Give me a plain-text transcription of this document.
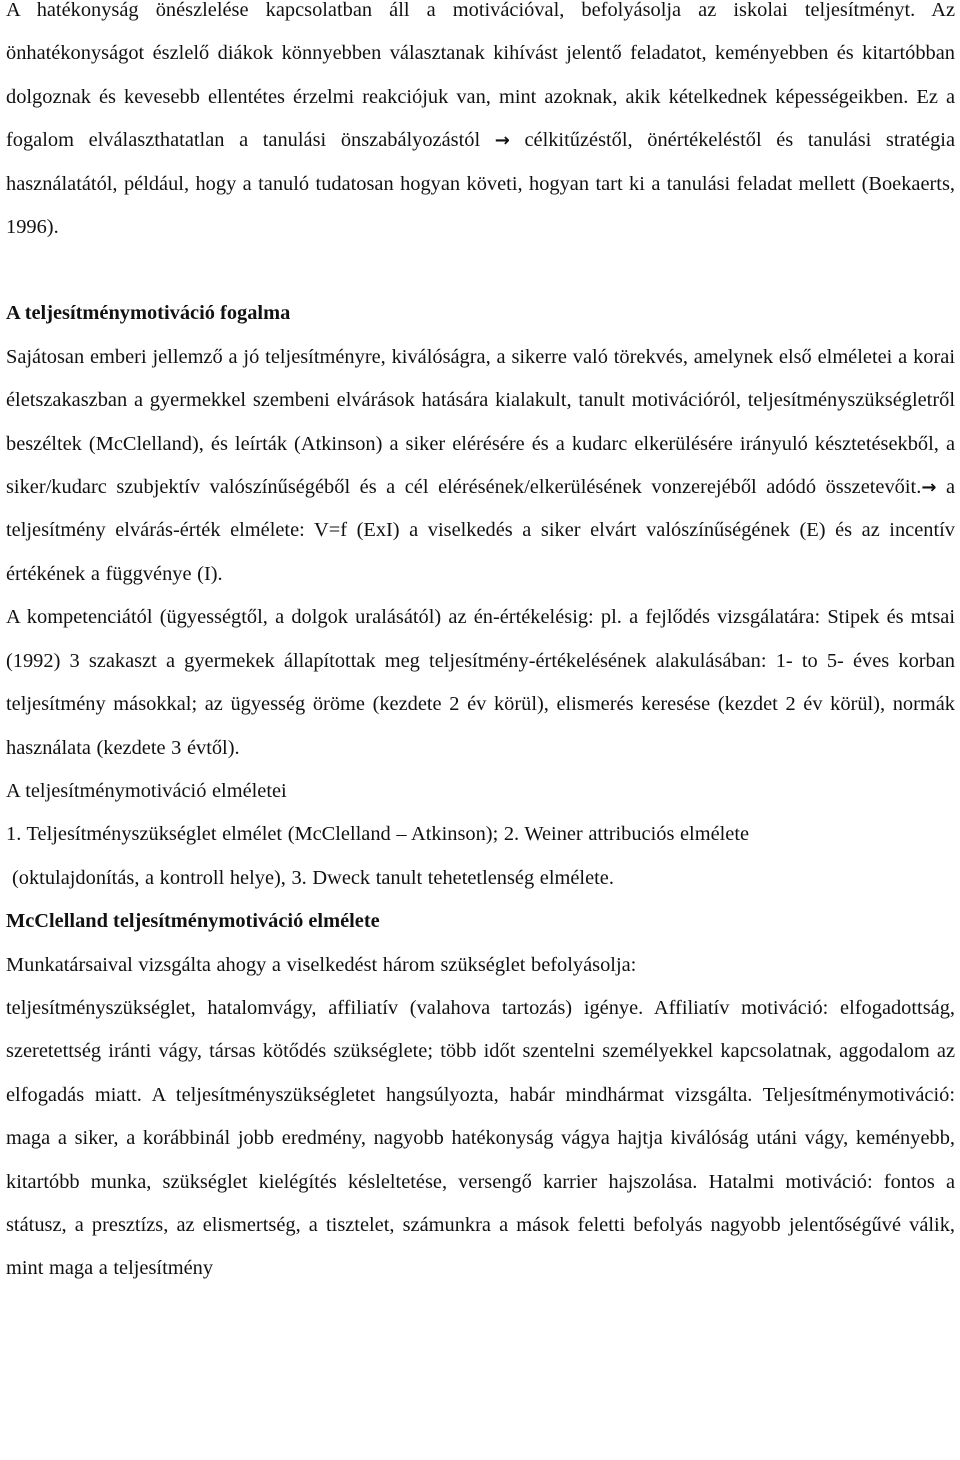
A hatékonyság önészlelése kapcsolatban áll a motivációval, befolyásolja az iskolai teljesítményt. Az önhatékonyságot észlelő diákok könnyebben választanak kihívást jelentő feladatot, keményebben és kitartóbban dolgoznak és kevesebb ellentétes érzelmi reakciójuk van, mint azoknak, akik kételkednek képességeikben. Ez a fogalom elválaszthatatlan a tanulási önszabályozástól → célkitűzéstől, önértékeléstől és tanulási stratégia használatától, például, hogy a tanuló tudatosan hogyan követi, hogyan tart ki a tanulási feladat mellett (Boekaerts, 1996).

A teljesítménymotiváció fogalma

Sajátosan emberi jellemző a jó teljesítményre, kiválóságra, a sikerre való törekvés, amelynek első elméletei a korai életszakaszban a gyermekkel szembeni elvárások hatására kialakult, tanult motivációról, teljesítményszükségletről beszéltek (McClelland), és leírták (Atkinson) a siker elérésére és a kudarc elkerülésére irányuló késztetésekből, a siker/kudarc szubjektív valószínűségéből és a cél elérésének/elkerülésének vonzerejéből adódó összetevőit.→ a teljesítmény elvárás-érték elmélete: V=f (ExI) a viselkedés a siker elvárt valószínűségének (E) és az incentív értékének a függvénye (I).

A kompetenciától (ügyességtől, a dolgok uralásától) az én-értékelésig: pl. a fejlődés vizsgálatára: Stipek és mtsai (1992) 3 szakaszt a gyermekek állapítottak meg teljesítmény-értékelésének alakulásában: 1- to 5- éves korban teljesítmény másokkal; az ügyesség öröme (kezdete 2 év körül), elismerés keresése (kezdet 2 év körül), normák használata (kezdete 3 évtől).

A teljesítménymotiváció elméletei

1. Teljesítményszükséglet elmélet (McClelland – Atkinson); 2. Weiner attribuciós elmélete

(oktulajdonítás, a kontroll helye), 3. Dweck tanult tehetetlenség elmélete.

McClelland teljesítménymotiváció elmélete

Munkatársaival vizsgálta ahogy a viselkedést három szükséglet befolyásolja:

teljesítményszükséglet, hatalomvágy, affiliatív (valahova tartozás) igénye. Affiliatív motiváció: elfogadottság, szeretettség iránti vágy, társas kötődés szükséglete; több időt szentelni személyekkel kapcsolatnak, aggodalom az elfogadás miatt. A teljesítményszükségletet hangsúlyozta, habár mindhármat vizsgálta. Teljesítménymotiváció: maga a siker, a korábbinál jobb eredmény, nagyobb hatékonyság vágya hajtja kiválóság utáni vágy, keményebb, kitartóbb munka, szükséglet kielégítés késleltetése, versengő karrier hajszolása. Hatalmi motiváció: fontos a státusz, a presztízs, az elismertség, a tisztelet, számunkra a mások feletti befolyás nagyobb jelentőségűvé válik, mint maga a teljesítmény
